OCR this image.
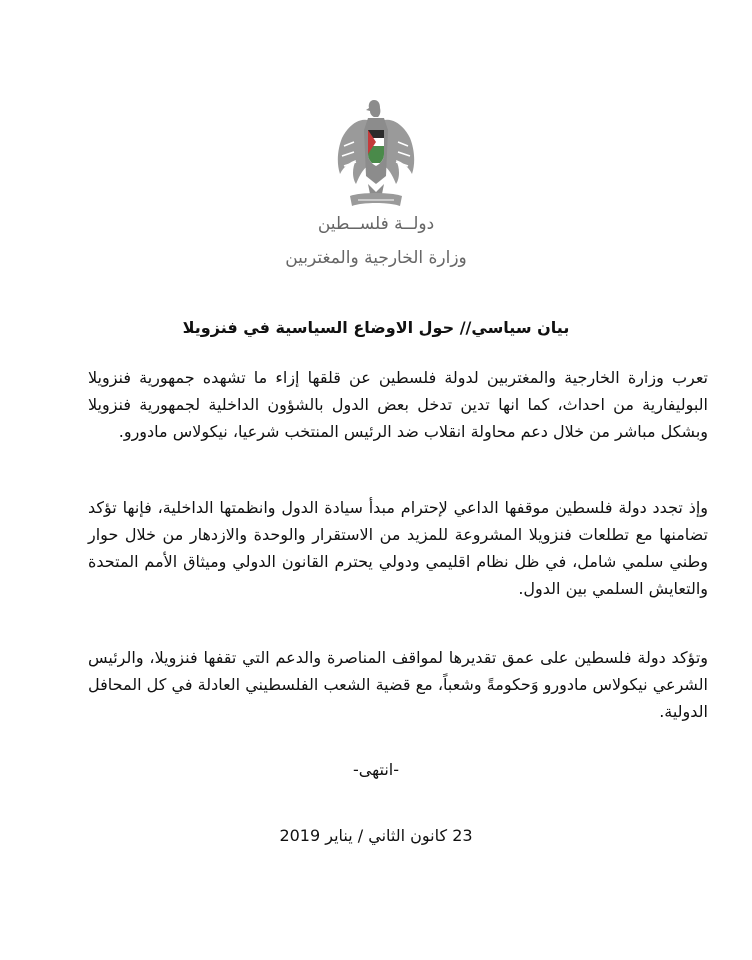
دولــة فلســطين
وزارة الخارجية والمغتربين
بيان سياسي// حول الاوضاع السياسية في فنزويلا

تعرب وزارة الخارجية والمغتربين لدولة فلسطين عن قلقها إزاء ما تشهده جمهورية فنزويلا البوليفارية من احداث، كما انها تدين تدخل بعض الدول بالشؤون الداخلية لجمهورية فنزويلا وبشكل مباشر من خلال دعم محاولة انقلاب ضد الرئيس المنتخب شرعيا، نيكولاس مادورو.

وإذ تجدد دولة فلسطين موقفها الداعي لإحترام مبدأ سيادة الدول وانظمتها الداخلية، فإنها تؤكد تضامنها مع تطلعات فنزويلا المشروعة للمزيد من الاستقرار والوحدة والازدهار من خلال حوار وطني سلمي شامل، في ظل نظام اقليمي ودولي يحترم القانون الدولي وميثاق الأمم المتحدة والتعايش السلمي بين الدول.

وتؤكد دولة فلسطين على عمق تقديرها لمواقف المناصرة والدعم التي تقفها فنزويلا، والرئيس الشرعي نيكولاس مادورو وَحكومةً وشعباً، مع قضية الشعب الفلسطيني العادلة في كل المحافل الدولية.

-انتهى-
23 كانون الثاني / يناير 2019
